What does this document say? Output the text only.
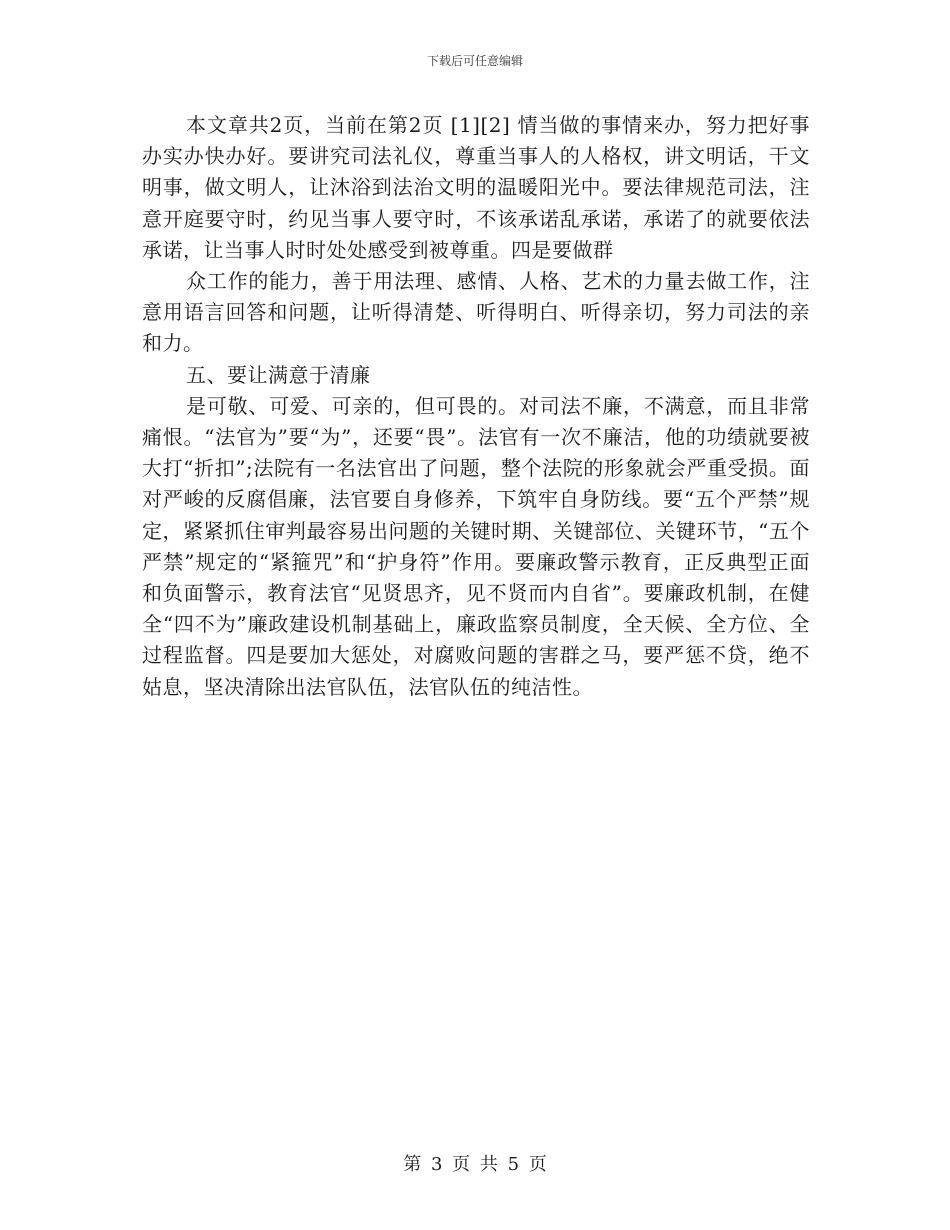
下载后可任意编辑

本文章共2页，当前在第2页 [1][2] 情当做的事情来办，努力把好事办实办快办好。要讲究司法礼仪，尊重当事人的人格权，讲文明话，干文明事，做文明人，让沐浴到法治文明的温暖阳光中。要法律规范司法，注意开庭要守时，约见当事人要守时，不该承诺乱承诺，承诺了的就要依法承诺，让当事人时时处处感受到被尊重。四是要做群

众工作的能力，善于用法理、感情、人格、艺术的力量去做工作，注意用语言回答和问题，让听得清楚、听得明白、听得亲切，努力司法的亲和力。

五、要让满意于清廉

是可敬、可爱、可亲的，但可畏的。对司法不廉，不满意，而且非常痛恨。“法官为”要“为”，还要“畏”。法官有一次不廉洁，他的功绩就要被大打“折扣”;法院有一名法官出了问题，整个法院的形象就会严重受损。面对严峻的反腐倡廉，法官要自身修养，下筑牢自身防线。要“五个严禁”规定，紧紧抓住审判最容易出问题的关键时期、关键部位、关键环节，“五个严禁”规定的“紧箍咒”和“护身符”作用。要廉政警示教育，正反典型正面和负面警示，教育法官“见贤思齐，见不贤而内自省”。要廉政机制，在健全“四不为”廉政建设机制基础上，廉政监察员制度，全天候、全方位、全过程监督。四是要加大惩处，对腐败问题的害群之马，要严惩不贷，绝不姑息，坚决清除出法官队伍，法官队伍的纯洁性。

第 3 页 共 5 页
